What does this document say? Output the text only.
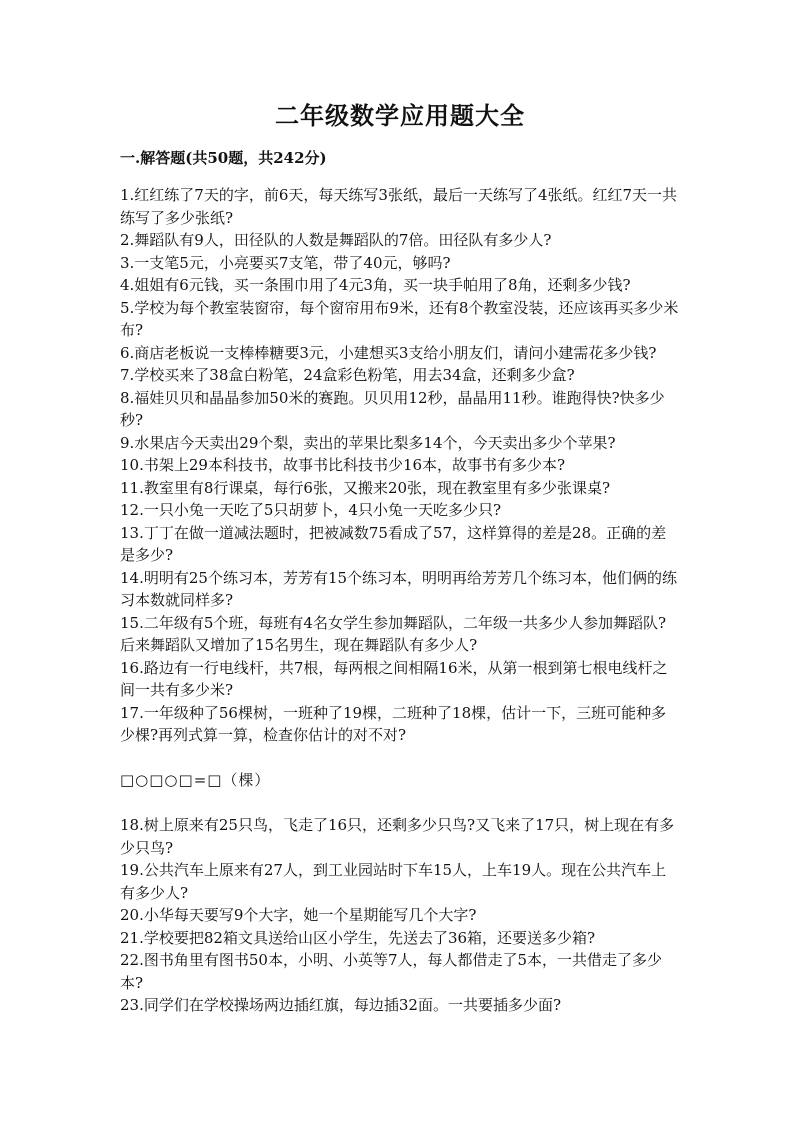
二年级数学应用题大全
一.解答题(共50题，共242分)

1.红红练了7天的字，前6天，每天练写3张纸，最后一天练写了4张纸。红红7天一共练写了多少张纸?

2.舞蹈队有9人，田径队的人数是舞蹈队的7倍。田径队有多少人?

3.一支笔5元，小亮要买7支笔，带了40元，够吗?

4.姐姐有6元钱，买一条围巾用了4元3角，买一块手帕用了8角，还剩多少钱?

5.学校为每个教室装窗帘，每个窗帘用布9米，还有8个教室没装，还应该再买多少米布?

6.商店老板说一支棒棒糖要3元，小建想买3支给小朋友们，请问小建需花多少钱?

7.学校买来了38盒白粉笔，24盒彩色粉笔，用去34盒，还剩多少盒?

8.福娃贝贝和晶晶参加50米的赛跑。贝贝用12秒，晶晶用11秒。谁跑得快?快多少秒?

9.水果店今天卖出29个梨，卖出的苹果比梨多14个，今天卖出多少个苹果?

10.书架上29本科技书，故事书比科技书少16本，故事书有多少本?

11.教室里有8行课桌，每行6张，又搬来20张，现在教室里有多少张课桌?

12.一只小兔一天吃了5只胡萝卜，4只小兔一天吃多少只?

13.丁丁在做一道减法题时，把被减数75看成了57，这样算得的差是28。正确的差是多少?

14.明明有25个练习本，芳芳有15个练习本，明明再给芳芳几个练习本，他们俩的练习本数就同样多?

15.二年级有5个班，每班有4名女学生参加舞蹈队，二年级一共多少人参加舞蹈队?后来舞蹈队又增加了15名男生，现在舞蹈队有多少人?

16.路边有一行电线杆，共7根，每两根之间相隔16米，从第一根到第七根电线杆之间一共有多少米?

17.一年级种了56棵树，一班种了19棵，二班种了18棵，估计一下，三班可能种多少棵?再列式算一算，检查你估计的对不对?

□○□○□=□（棵）

18.树上原来有25只鸟，飞走了16只，还剩多少只鸟?又飞来了17只，树上现在有多少只鸟?

19.公共汽车上原来有27人，到工业园站时下车15人，上车19人。现在公共汽车上有多少人?

20.小华每天要写9个大字，她一个星期能写几个大字?

21.学校要把82箱文具送给山区小学生，先送去了36箱，还要送多少箱?

22.图书角里有图书50本，小明、小英等7人，每人都借走了5本，一共借走了多少本?

23.同学们在学校操场两边插红旗，每边插32面。一共要插多少面?
